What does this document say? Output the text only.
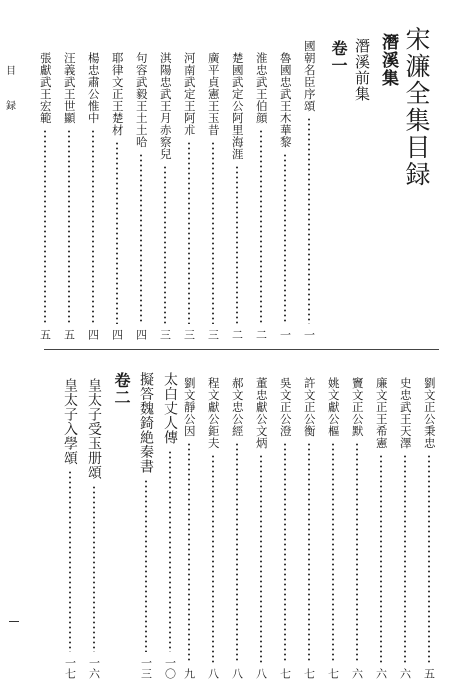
目
録	宋濂全集目録
潛溪集
潛溪前集
卷一
國朝名臣序頌
一
魯國忠武王木華黎
一
淮忠武王伯顔
二
楚國武定公阿里海涯
二
廣平貞憲王玉昔
三
河南武定王阿朮
三
淇陽忠武王月赤察兒
三
句容武毅王土土哈
四
耶律文正王楚材
四
楊忠肅公惟中
四
汪義武王世顯
五
張獻武王宏範
五
劉文正公秉忠
五
史忠武王天澤
六
廉文正王希憲
六
竇文正公默
六
姚文獻公樞
七
許文正公衡
七
吳文正公澄
七
董忠獻公文炳
八
郝文忠公經
八
程文獻公鉅夫
八
劉文靜公因
九
太白丈人傳
一〇
擬答魏錡絶秦書
一三
卷二
皇太子受玉册頌
一六
皇太子入學頌
一七
